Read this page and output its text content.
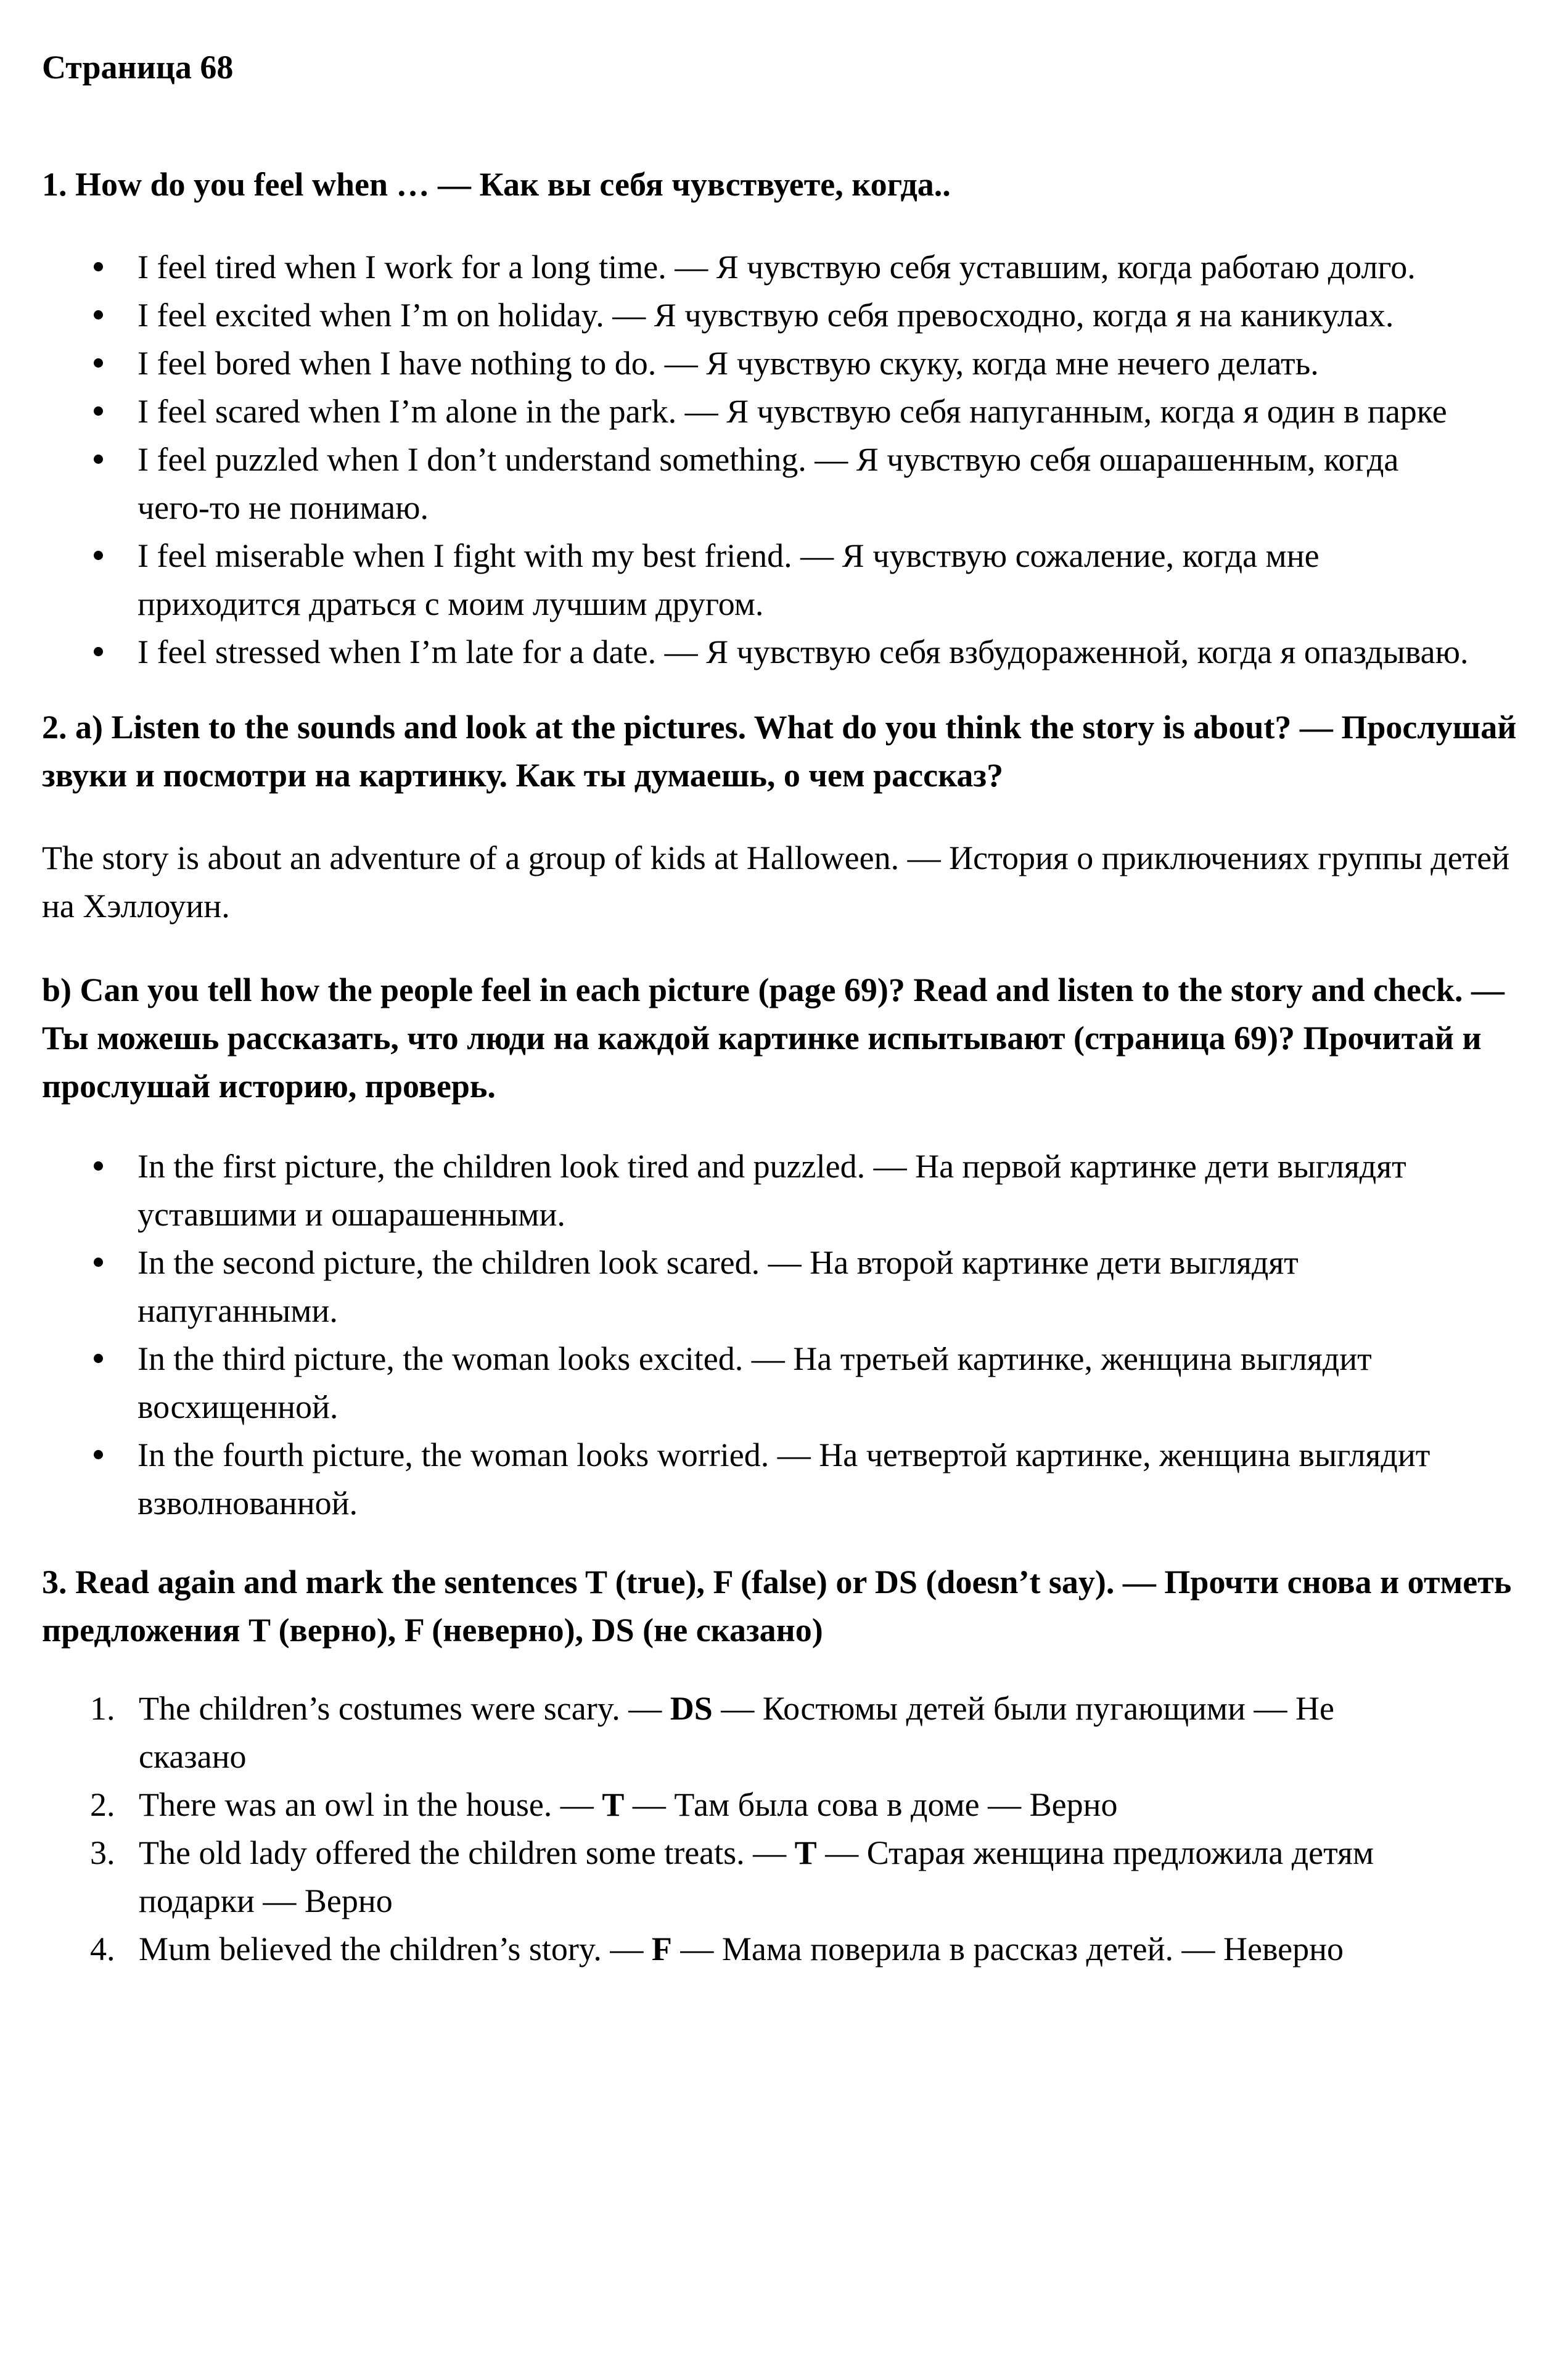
Страница 68
1. How do you feel when … — Как вы себя чувствуете, когда..
I feel tired when I work for a long time. — Я чувствую себя уставшим, когда работаю долго.
I feel excited when I’m on holiday. — Я чувствую себя превосходно, когда я на каникулах.
I feel bored when I have nothing to do. — Я чувствую скуку, когда мне нечего делать.
I feel scared when I’m alone in the park. — Я чувствую себя напуганным, когда я один в парке
I feel puzzled when I don’t understand something. — Я чувствую себя ошарашенным, когда чего-то не понимаю.
I feel miserable when I fight with my best friend. — Я чувствую сожаление, когда мне приходится драться с моим лучшим другом.
I feel stressed when I’m late for a date. — Я чувствую себя взбудораженной, когда я опаздываю.
2. a) Listen to the sounds and look at the pictures. What do you think the story is about? — Прослушай звуки и посмотри на картинку. Как ты думаешь, о чем рассказ?
The story is about an adventure of a group of kids at Halloween. — История о приключениях группы детей на Хэллоуин.
b) Can you tell how the people feel in each picture (page 69)? Read and listen to the story and check. — Ты можешь рассказать, что люди на каждой картинке испытывают (страница 69)? Прочитай и прослушай историю, проверь.
In the first picture, the children look tired and puzzled. — На первой картинке дети выглядят уставшими и ошарашенными.
In the second picture, the children look scared. — На второй картинке дети выглядят напуганными.
In the third picture, the woman looks excited. — На третьей картинке, женщина выглядит восхищенной.
In the fourth picture, the woman looks worried. — На четвертой картинке, женщина выглядит взволнованной.
3. Read again and mark the sentences T (true), F (false) or DS (doesn’t say). — Прочти снова и отметь предложения T (верно), F (неверно), DS (не сказано)
1. The children’s costumes were scary. — DS — Костюмы детей были пугающими — Не сказано
2. There was an owl in the house. — T — Там была сова в доме — Верно
3. The old lady offered the children some treats. — T — Старая женщина предложила детям подарки — Верно
4. Mum believed the children’s story. — F — Мама поверила в рассказ детей. — Неверно
